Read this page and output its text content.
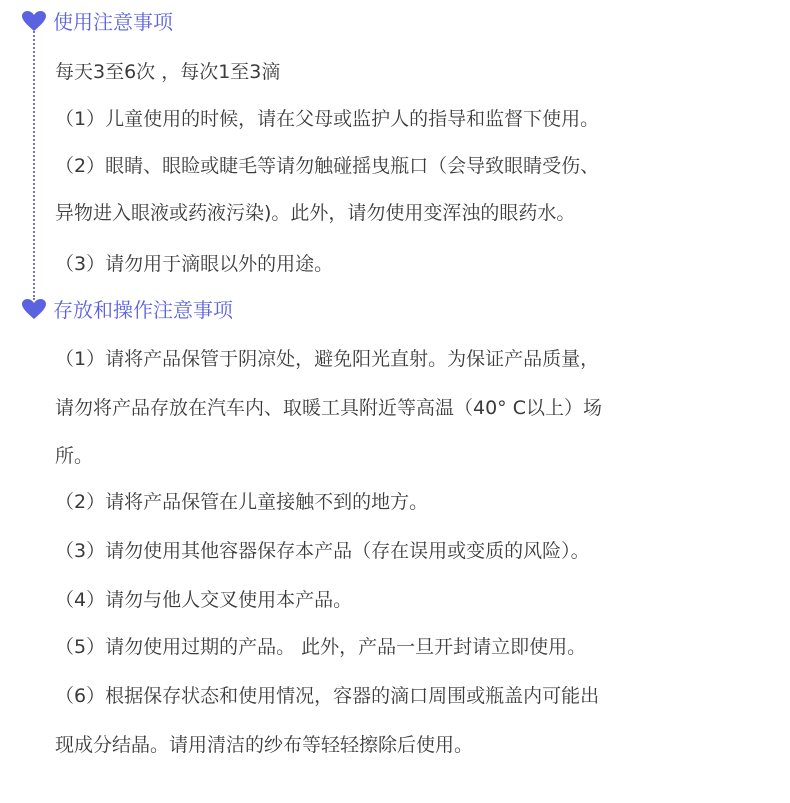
使用注意事项
每天3至6次 ，每次1至3滴
（1）儿童使用的时候，请在父母或监护人的指导和监督下使用。
（2）眼睛、眼睑或睫毛等请勿触碰摇曳瓶口（会导致眼睛受伤、
异物进入眼液或药液污染)。此外，请勿使用变浑浊的眼药水。
（3）请勿用于滴眼以外的用途。
存放和操作注意事项
（1）请将产品保管于阴凉处，避免阳光直射。为保证产品质量，
请勿将产品存放在汽车内、取暖工具附近等高温（40° C以上）场
所。
（2）请将产品保管在儿童接触不到的地方。
（3）请勿使用其他容器保存本产品（存在误用或变质的风险）。
（4）请勿与他人交叉使用本产品。
（5）请勿使用过期的产品。 此外，产品一旦开封请立即使用。
（6）根据保存状态和使用情况，容器的滴口周围或瓶盖内可能出
现成分结晶。请用清洁的纱布等轻轻擦除后使用。
